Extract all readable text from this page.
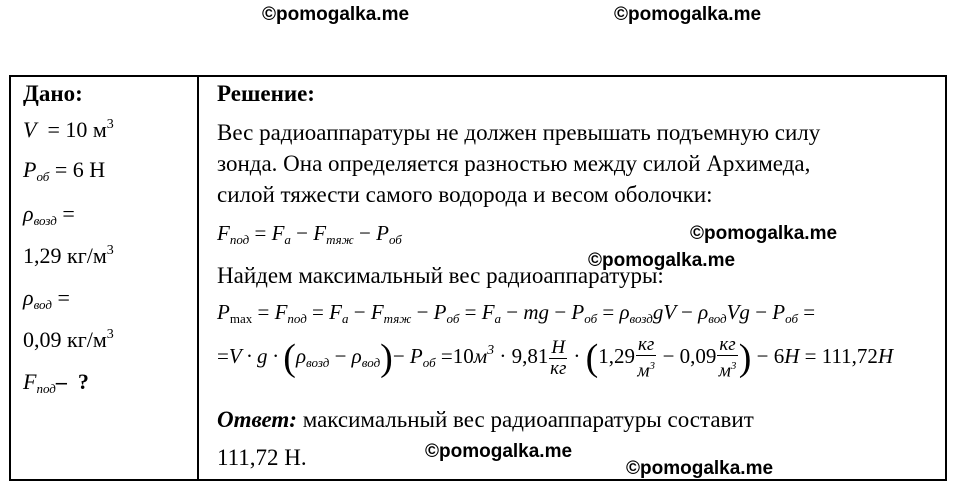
©pomogalka.me	©pomogalka.me
©pomogalka.me
©pomogalka.me
©pomogalka.me
©pomogalka.me
Дано:
V  = 10 $м^3$
$P_{об} = 6$ Н
$\rho_{возд}$ =
1,29 $кг/м^3$
$\rho_{вод}$ =
0,09 $кг/м^3$
$F_{под}-$  ?
Решение:
Вес радиоаппаратуры не должен превышать подъемную силу
зонда. Она определяется разностью между силой Архимеда,
силой тяжести самого водорода и весом оболочки:
$F_{под} = F_а - F_{тяж} - P_{об}$
Найдем максимальный вес радиоаппаратуры:
$P_{max} = F_{под} = F_а - F_{тяж} - P_{об} = F_а$ − mg − $P_{об} = \rho_{возд}gV - \rho_{вод}Vg - P_{об}$ =
$=V \cdot g \cdot (\rho_{возд} - \rho_{вод})- P_{об} =10м^3 \cdot 9,81 \frac{Н}{кг} \cdot (1,29 \frac{кг}{м^3} - 0,09 \frac{кг}{м^3}$ ) − 6Н = 111,72Н
Ответ: максимальный вес радиоаппаратуры составит
111,72 Н.
